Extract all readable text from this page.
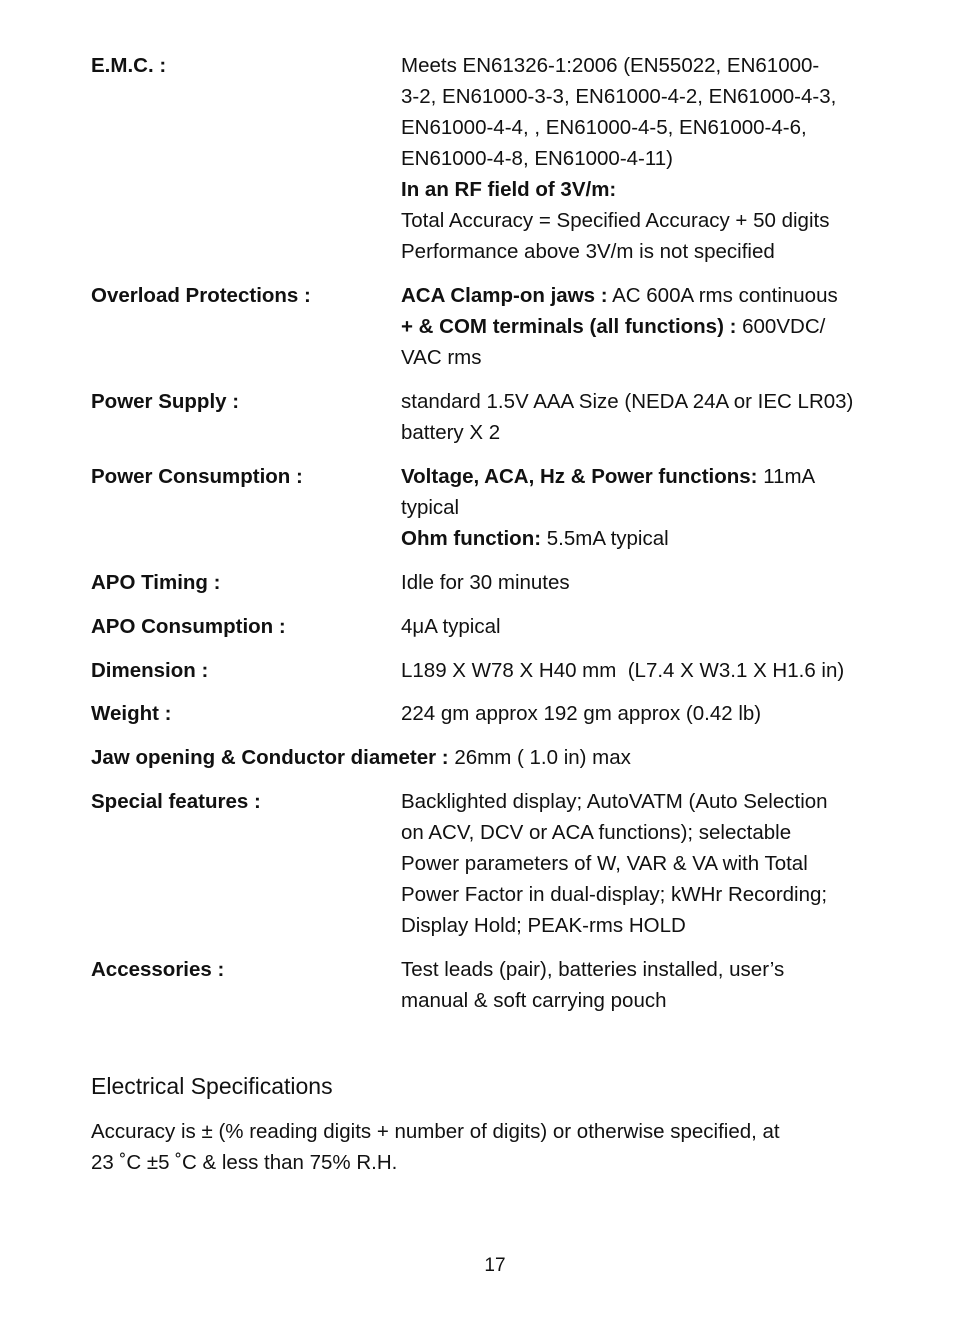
E.M.C. :	Meets EN61326-1:2006 (EN55022, EN61000-
3-2, EN61000-3-3, EN61000-4-2, EN61000-4-3,
EN61000-4-4, , EN61000-4-5, EN61000-4-6,
EN61000-4-8, EN61000-4-11)
In an RF field of 3V/m:
Total Accuracy = Specified Accuracy + 50 digits
Performance above 3V/m is not specified
Overload Protections :	ACA Clamp-on jaws : AC 600A rms continuous
+ & COM terminals (all functions) : 600VDC/
VAC rms
Power Supply :	standard 1.5V AAA Size (NEDA 24A or IEC LR03)
battery X 2
Power Consumption :	Voltage, ACA, Hz & Power functions: 11mA
typical
Ohm function: 5.5mA typical
APO Timing :	Idle for 30 minutes
APO Consumption :	4μA typical
Dimension :	L189 X W78 X H40 mm  (L7.4 X W3.1 X H1.6 in)
Weight :	224 gm approx 192 gm approx (0.42 lb)
Jaw opening & Conductor diameter : 26mm ( 1.0 in) max
Special features :	Backlighted display; AutoVATM (Auto Selection
on ACV, DCV or ACA functions); selectable
Power parameters of W, VAR & VA with Total
Power Factor in dual-display; kWHr Recording;
Display Hold; PEAK-rms HOLD
Accessories :	Test leads (pair), batteries installed, user’s
manual & soft carrying pouch
Electrical Specifications
Accuracy is ± (% reading digits + number of digits) or otherwise specified, at
23 ˚C ±5 ˚C & less than 75% R.H.
17
